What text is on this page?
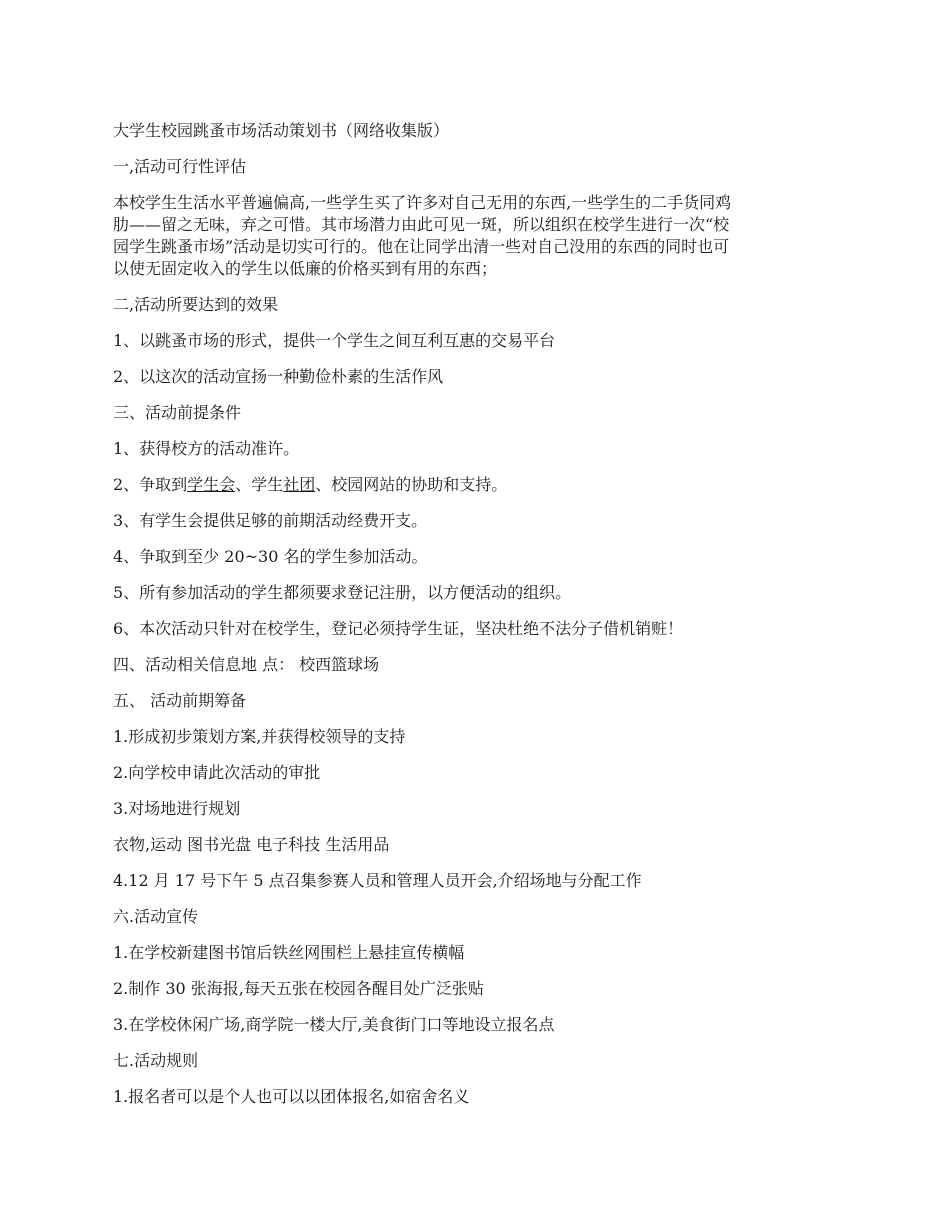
大学生校园跳蚤市场活动策划书（网络收集版）
一,活动可行性评估
本校学生生活水平普遍偏高,一些学生买了许多对自己无用的东西,一些学生的二手货同鸡
肋——留之无味，弃之可惜。其市场潜力由此可见一斑，所以组织在校学生进行一次“校
园学生跳蚤市场”活动是切实可行的。他在让同学出清一些对自己没用的东西的同时也可
以使无固定收入的学生以低廉的价格买到有用的东西；
二,活动所要达到的效果
1、以跳蚤市场的形式，提供一个学生之间互利互惠的交易平台
2、以这次的活动宣扬一种勤俭朴素的生活作风
三、活动前提条件
1、获得校方的活动准许。
2、争取到学生会、学生社团、校园网站的协助和支持。
3、有学生会提供足够的前期活动经费开支。
4、争取到至少 20~30 名的学生参加活动。
5、所有参加活动的学生都须要求登记注册，以方便活动的组织。
6、本次活动只针对在校学生，登记必须持学生证，坚决杜绝不法分子借机销赃！
四、活动相关信息地 点： 校西篮球场
五、 活动前期筹备
1.形成初步策划方案,并获得校领导的支持
2.向学校申请此次活动的审批
3.对场地进行规划
衣物,运动 图书光盘 电子科技 生活用品
4.12 月 17 号下午 5 点召集参赛人员和管理人员开会,介绍场地与分配工作
六.活动宣传
1.在学校新建图书馆后铁丝网围栏上悬挂宣传横幅
2.制作 30 张海报,每天五张在校园各醒目处广泛张贴
3.在学校休闲广场,商学院一楼大厅,美食街门口等地设立报名点
七.活动规则
1.报名者可以是个人也可以以团体报名,如宿舍名义
